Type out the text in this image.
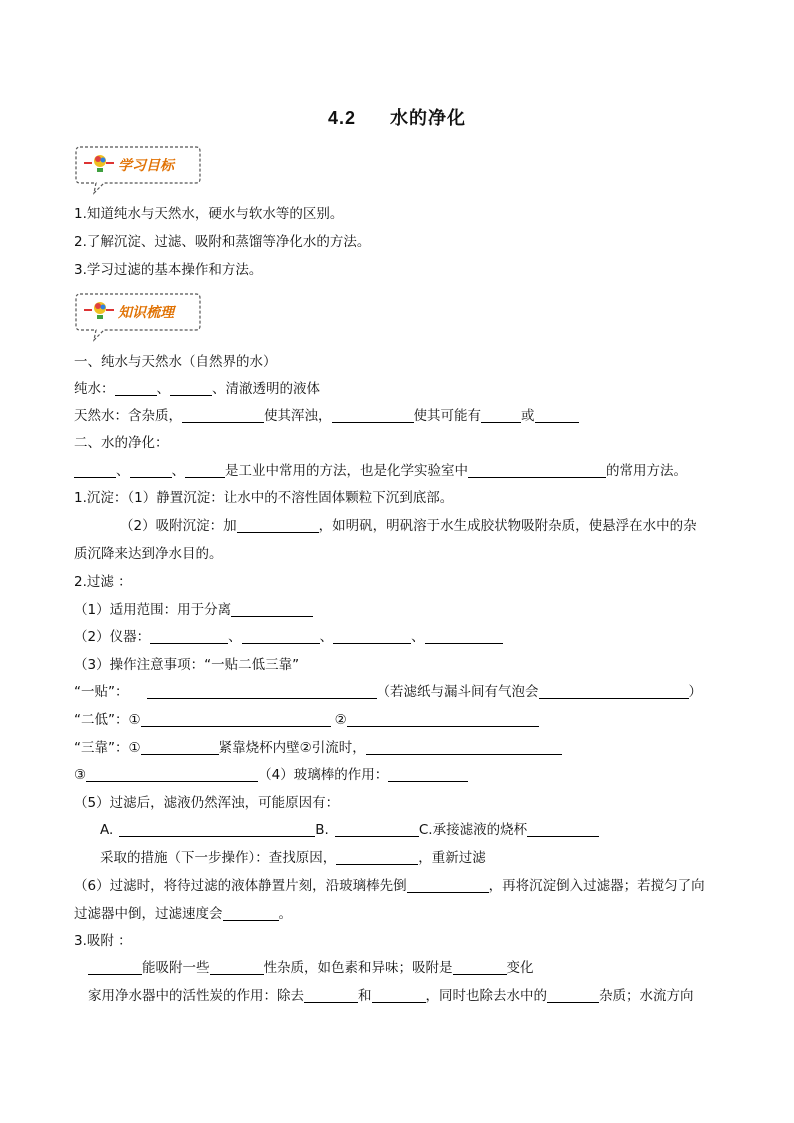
4.2 水的净化
学习目标
1.知道纯水与天然水，硬水与软水等的区别。
2.了解沉淀、过滤、吸附和蒸馏等净化水的方法。
3.学习过滤的基本操作和方法。
知识梳理
一、纯水与天然水（自然界的水）
纯水：	、	、清澈透明的液体
天然水：含杂质，	使其浑浊，	使其可能有	或
二、水的净化：
、	、	是工业中常用的方法，也是化学实验室中	的常用方法。
1.沉淀：（1）静置沉淀：让水中的不溶性固体颗粒下沉到底部。
（2）吸附沉淀：加	，如明矾，明矾溶于水生成胶状物吸附杂质，使悬浮在水中的杂
质沉降来达到净水目的。
2.过滤 ：
（1）适用范围：用于分离
（2）仪器：	、	、	、
（3）操作注意事项：“一贴二低三靠”
“一贴”：	（若滤纸与漏斗间有气泡会	）
“二低”：①	②
“三靠”：①	紧靠烧杯内壁②引流时，
③	（4）玻璃棒的作用：
（5）过滤后，滤液仍然浑浊，可能原因有：
A.	B.	C.承接滤液的烧杯
采取的措施（下一步操作）：查找原因，	，重新过滤
（6）过滤时，将待过滤的液体静置片刻，沿玻璃棒先倒	，再将沉淀倒入过滤器；若搅匀了向
过滤器中倒，过滤速度会	。
3.吸附 ：
能吸附一些	性杂质，如色素和异味；吸附是	变化
家用净水器中的活性炭的作用：除去	和	，同时也除去水中的	杂质；水流方向
